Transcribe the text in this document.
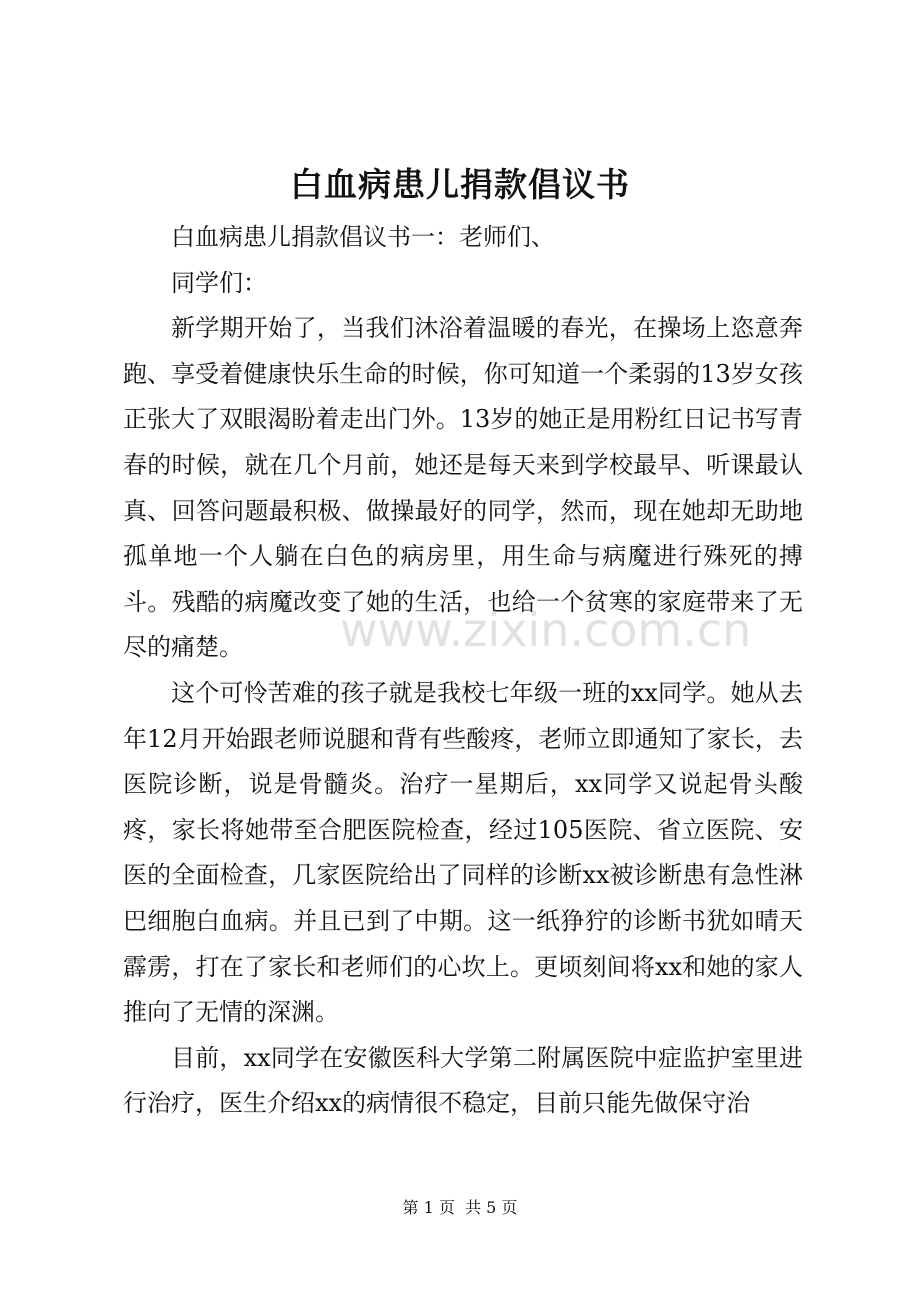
白血病患儿捐款倡议书

白血病患儿捐款倡议书一：老师们、

同学们：

新学期开始了，当我们沐浴着温暖的春光，在操场上恣意奔跑、享受着健康快乐生命的时候，你可知道一个柔弱的13岁女孩正张大了双眼渴盼着走出门外。13岁的她正是用粉红日记书写青春的时候，就在几个月前，她还是每天来到学校最早、听课最认真、回答问题最积极、做操最好的同学，然而，现在她却无助地孤单地一个人躺在白色的病房里，用生命与病魔进行殊死的搏斗。残酷的病魔改变了她的生活，也给一个贫寒的家庭带来了无尽的痛楚。

这个可怜苦难的孩子就是我校七年级一班的xx同学。她从去年12月开始跟老师说腿和背有些酸疼，老师立即通知了家长，去医院诊断，说是骨髓炎。治疗一星期后，xx同学又说起骨头酸疼，家长将她带至合肥医院检查，经过105医院、省立医院、安医的全面检查，几家医院给出了同样的诊断xx被诊断患有急性淋巴细胞白血病。并且已到了中期。这一纸狰狞的诊断书犹如晴天霹雳，打在了家长和老师们的心坎上。更顷刻间将xx和她的家人推向了无情的深渊。

目前，xx同学在安徽医科大学第二附属医院中症监护室里进行治疗，医生介绍xx的病情很不稳定，目前只能先做保守治

www.zixin.com.cn
第 1 页 共 5 页
